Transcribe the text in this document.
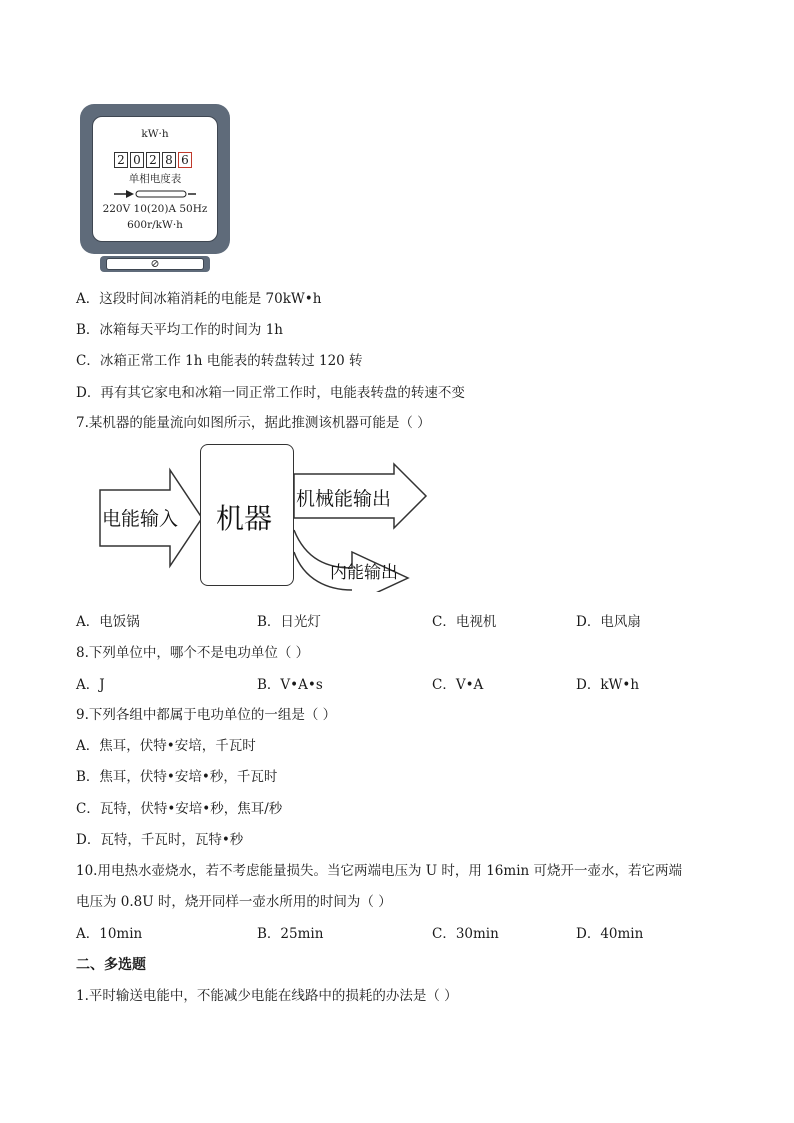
kW·h
2 0 2 8 6
单相电度表
220V 10(20)A 50Hz
600r/kW·h
⊘
A．这段时间冰箱消耗的电能是 70kW•h
B．冰箱每天平均工作的时间为 1h
C．冰箱正常工作 1h 电能表的转盘转过 120 转
D．再有其它家电和冰箱一同正常工作时，电能表转盘的转速不变
7.某机器的能量流向如图所示，据此推测该机器可能是（ ）
电能输入 机器
机械能输出
内能输出
A．电饭锅	B．日光灯	C．电视机	D．电风扇
8.下列单位中，哪个不是电功单位（ ）
A．J	B．V•A•s	C．V•A	D．kW•h
9.下列各组中都属于电功单位的一组是（ ）
A．焦耳，伏特•安培，千瓦时
B．焦耳，伏特•安培•秒，千瓦时
C．瓦特，伏特•安培•秒，焦耳/秒
D．瓦特，千瓦时，瓦特•秒
10.用电热水壶烧水，若不考虑能量损失。当它两端电压为 U 时，用 16min 可烧开一壶水，若它两端
电压为 0.8U 时，烧开同样一壶水所用的时间为（ ）
A．10min	B．25min	C．30min	D．40min
二、多选题
1.平时输送电能中，不能减少电能在线路中的损耗的办法是（ ）
